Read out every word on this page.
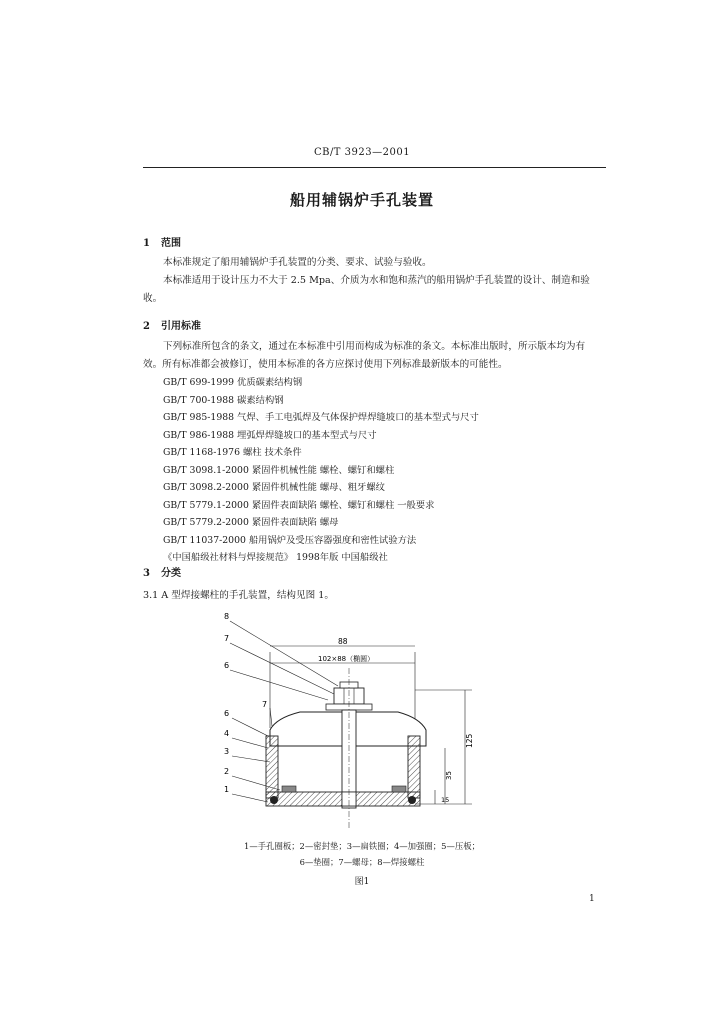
CB/T 3923—2001
船用辅锅炉手孔装置
1 范围
本标准规定了船用辅锅炉手孔装置的分类、要求、试验与验收。
本标准适用于设计压力不大于 2.5 Mpa、介质为水和饱和蒸汽的船用锅炉手孔装置的设计、制造和验收。
2 引用标准
下列标准所包含的条文，通过在本标准中引用而构成为标准的条文。本标准出版时，所示版本均为有效。所有标准都会被修订，使用本标准的各方应探讨使用下列标准最新版本的可能性。
GB/T 699-1999 优质碳素结构钢
GB/T 700-1988 碳素结构钢
GB/T 985-1988 气焊、手工电弧焊及气体保护焊焊缝坡口的基本型式与尺寸
GB/T 986-1988 埋弧焊焊缝坡口的基本型式与尺寸
GB/T 1168-1976 螺柱 技术条件
GB/T 3098.1-2000 紧固件机械性能 螺栓、螺钉和螺柱
GB/T 3098.2-2000 紧固件机械性能 螺母、粗牙螺纹
GB/T 5779.1-2000 紧固件表面缺陷 螺栓、螺钉和螺柱 一般要求
GB/T 5779.2-2000 紧固件表面缺陷 螺母
GB/T 11037-2000 船用锅炉及受压容器强度和密性试验方法
《中国船级社材料与焊接规范》 1998年版 中国船级社
3 分类
3.1 A 型焊接螺柱的手孔装置，结构见图 1。
8
7
6
7
6
4
3
2
1
88
102×88（椭圆）
125
35
15
1—手孔圈板；2—密封垫；3—扁铁圈；4—加强圈；5—压板；
6—垫圈；7—螺母；8—焊接螺柱
图1
1
